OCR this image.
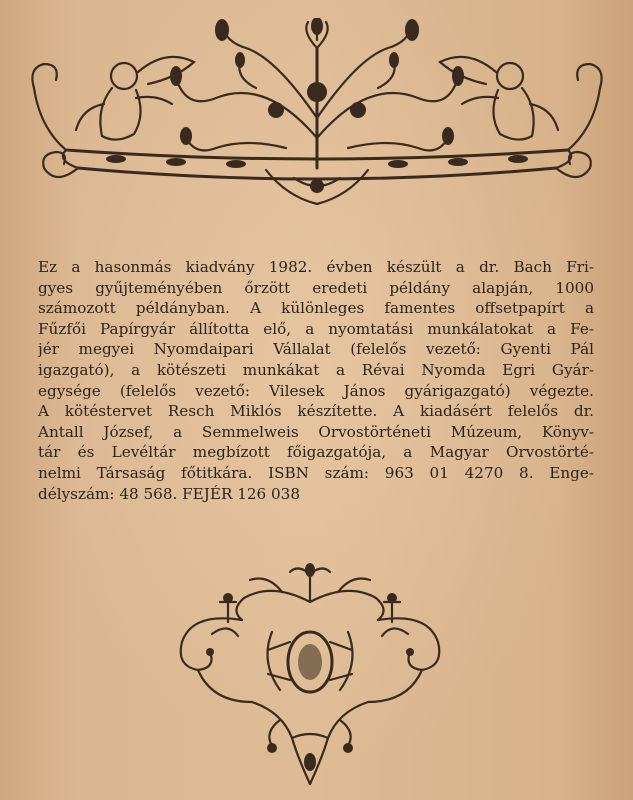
Ez a hasonmás kiadvány 1982. évben készült a dr. Bach Fri-
gyes gyűjteményében őrzött eredeti példány alapján, 1000
számozott példányban. A különleges famentes offsetpapírt a
Fűzfői Papírgyár állította elő, a nyomtatási munkálatokat a Fe-
jér megyei Nyomdaipari Vállalat (felelős vezető: Gyenti Pál
igazgató), a kötészeti munkákat a Révai Nyomda Egri Gyár-
egysége (felelős vezető: Vilesek János gyárigazgató) végezte.
A kötéstervet Resch Miklós készítette. A kiadásért felelős dr.
Antall József, a Semmelweis Orvostörténeti Múzeum, Könyv-
tár és Levéltár megbízott főigazgatója, a Magyar Orvostörté-
nelmi Társaság főtitkára. ISBN szám: 963 01 4270 8. Enge-
délyszám: 48 568. FEJÉR 126 038
